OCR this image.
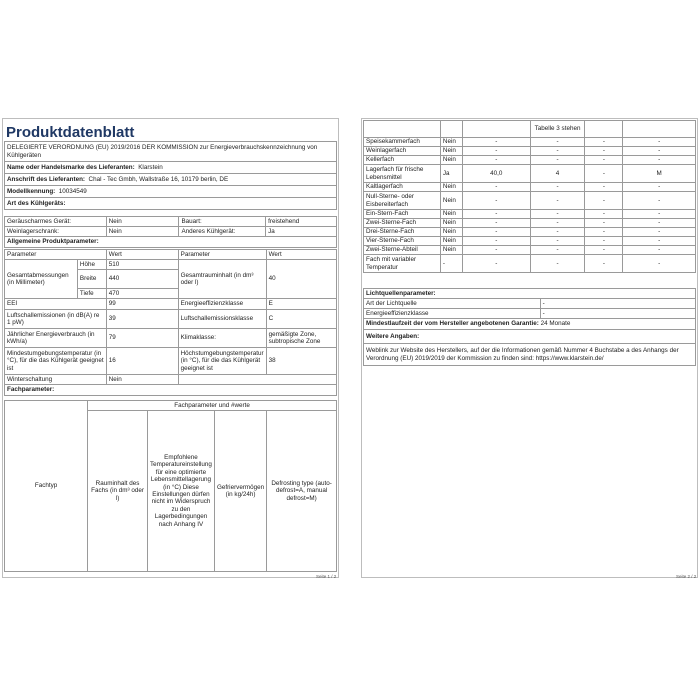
Produktdatenblatt
DELEGIERTE VERORDNUNG (EU) 2019/2016 DER KOMMISSION zur Energieverbrauchskennzeichnung von Kühlgeräten
Name oder Handelsmarke des Lieferanten: Klarstein
Anschrift des Lieferanten: Chal - Tec Gmbh, Wallstraße 16, 10179 berlin, DE
Modellkennung: 10034549
Art des Kühlgeräts:
Geräuscharmes Gerät:	Nein	Bauart:	freistehend
Weinlagerschrank:	Nein	Anderes Kühlgerät:	Ja
Allgemeine Produktparameter:			
Parameter		Wert	Parameter	Wert
Gesamtabmessungen (in Millimeter)	Höhe	510	Gesamtrauminhalt (in dm³ oder l)	40
	Breite	440		
	Tiefe	470		
EEI		99	Energieeffizienzklasse	E
Luftschallemissionen (in dB(A) re 1 pW)		39	Luftschallemissionsklasse	C
Jährlicher Energieverbrauch (in kWh/a)		79	Klimaklasse:	gemäßigte Zone, subtropische Zone
Mindestumgebungstemperatur (in °C), für die das Kühlgerät geeignet ist		16	Höchstumgebungstemperatur (in °C), für die das Kühlgerät geeignet ist	38
Winterschaltung		Nein		
Fachparameter:				
Fachtyp	Fachparameter und #werte			
	Rauminhalt des Fachs (in dm³ oder l)	Empfohlene Temperatureinstellung für eine optimierte Lebensmittellagerung (in °C) Diese Einstellungen dürfen nicht im Widerspruch zu den Lagerbedingungen nach Anhang IV	Gefriervermögen (in kg/24h)	Defrosting type (auto-defrost=A, manual defrost=M)
Seite 1 / 2
			Tabelle 3 stehen		
Speisekammerfach	Nein	-	-	-	-
Weinlagerfach	Nein	-	-	-	-
Kellerfach	Nein	-	-	-	-
Lagerfach für frische Lebensmittel	Ja	40,0	4	-	M
Kaltlagerfach	Nein	-	-	-	-
Null-Sterne- oder Eisbereiterfach	Nein	-	-	-	-
Ein-Stern-Fach	Nein	-	-	-	-
Zwei-Sterne-Fach	Nein	-	-	-	-
Drei-Sterne-Fach	Nein	-	-	-	-
Vier-Sterne-Fach	Nein	-	-	-	-
Zwei-Sterne-Abteil	Nein	-	-	-	-
Fach mit variabler Temperatur	-	-	-	-	-
Lichtquellenparameter:	
Art der Lichtquelle	-
Energieeffizienzklasse	-
Mindestlaufzeit der vom Hersteller angebotenen Garantie: 24 Monate	
Weitere Angaben:	
Weblink zur Website des Herstellers, auf der die Informationen gemäß Nummer 4 Buchstabe a des Anhangs der Verordnung (EU) 2019/2019 der Kommission zu finden sind: https://www.klarstein.de/	
Seite 2 / 2
